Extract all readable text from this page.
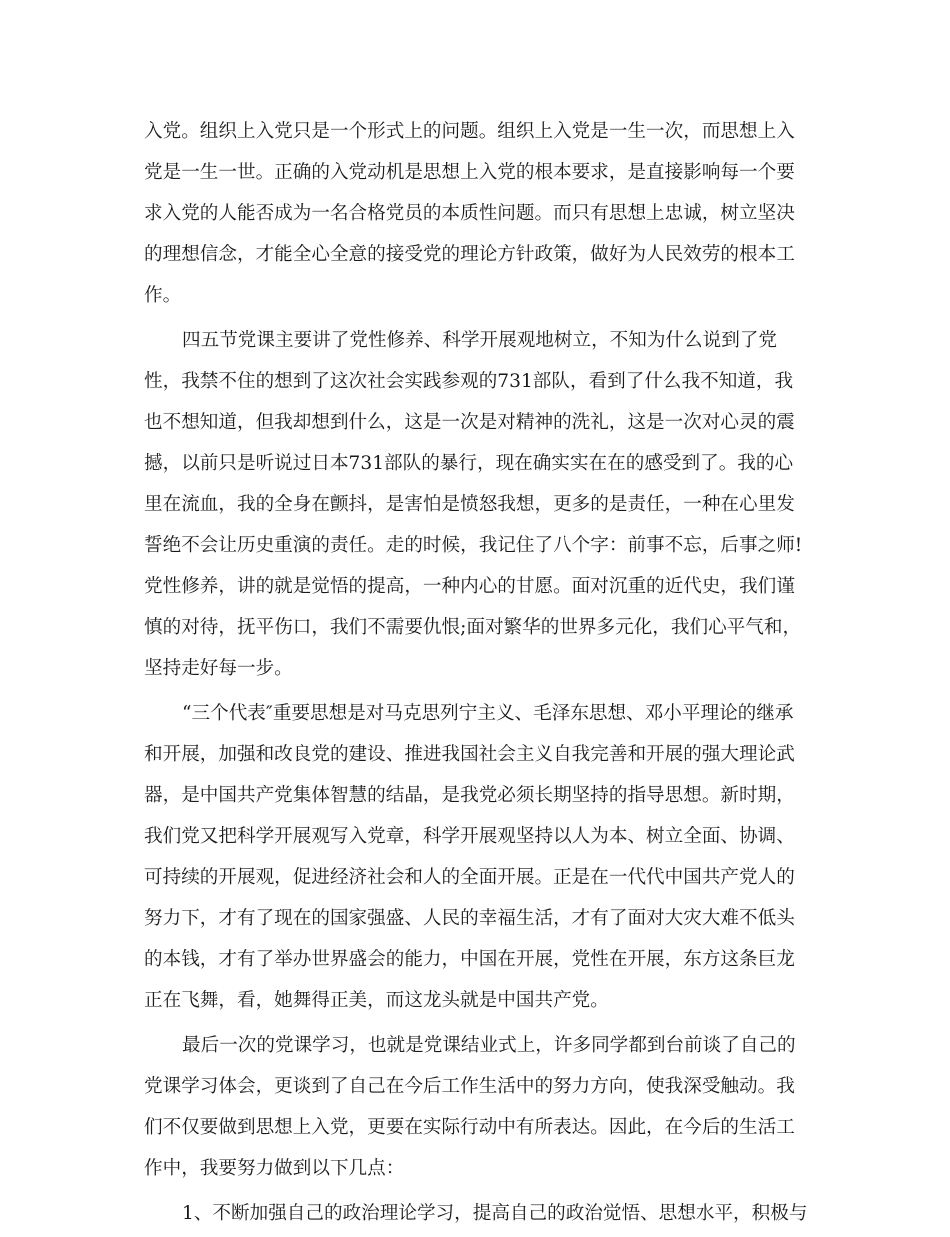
入党。组织上入党只是一个形式上的问题。组织上入党是一生一次，而思想上入
党是一生一世。正确的入党动机是思想上入党的根本要求，是直接影响每一个要
求入党的人能否成为一名合格党员的本质性问题。而只有思想上忠诚，树立坚决
的理想信念，才能全心全意的接受党的理论方针政策，做好为人民效劳的根本工
作。
四五节党课主要讲了党性修养、科学开展观地树立，不知为什么说到了党
性，我禁不住的想到了这次社会实践参观的731部队，看到了什么我不知道，我
也不想知道，但我却想到什么，这是一次是对精神的洗礼，这是一次对心灵的震
撼，以前只是听说过日本731部队的暴行，现在确实实在在的感受到了。我的心
里在流血，我的全身在颤抖，是害怕是愤怒我想，更多的是责任，一种在心里发
誓绝不会让历史重演的责任。走的时候，我记住了八个字：前事不忘，后事之师!
党性修养，讲的就是觉悟的提高，一种内心的甘愿。面对沉重的近代史，我们谨
慎的对待，抚平伤口，我们不需要仇恨;面对繁华的世界多元化，我们心平气和，
坚持走好每一步。
“三个代表″重要思想是对马克思列宁主义、毛泽东思想、邓小平理论的继承
和开展，加强和改良党的建设、推进我国社会主义自我完善和开展的强大理论武
器，是中国共产党集体智慧的结晶，是我党必须长期坚持的指导思想。新时期，
我们党又把科学开展观写入党章，科学开展观坚持以人为本、树立全面、协调、
可持续的开展观，促进经济社会和人的全面开展。正是在一代代中国共产党人的
努力下，才有了现在的国家强盛、人民的幸福生活，才有了面对大灾大难不低头
的本钱，才有了举办世界盛会的能力，中国在开展，党性在开展，东方这条巨龙
正在飞舞，看，她舞得正美，而这龙头就是中国共产党。
最后一次的党课学习，也就是党课结业式上，许多同学都到台前谈了自己的
党课学习体会，更谈到了自己在今后工作生活中的努力方向，使我深受触动。我
们不仅要做到思想上入党，更要在实际行动中有所表达。因此，在今后的生活工
作中，我要努力做到以下几点：
1、不断加强自己的政治理论学习，提高自己的政治觉悟、思想水平，积极与
